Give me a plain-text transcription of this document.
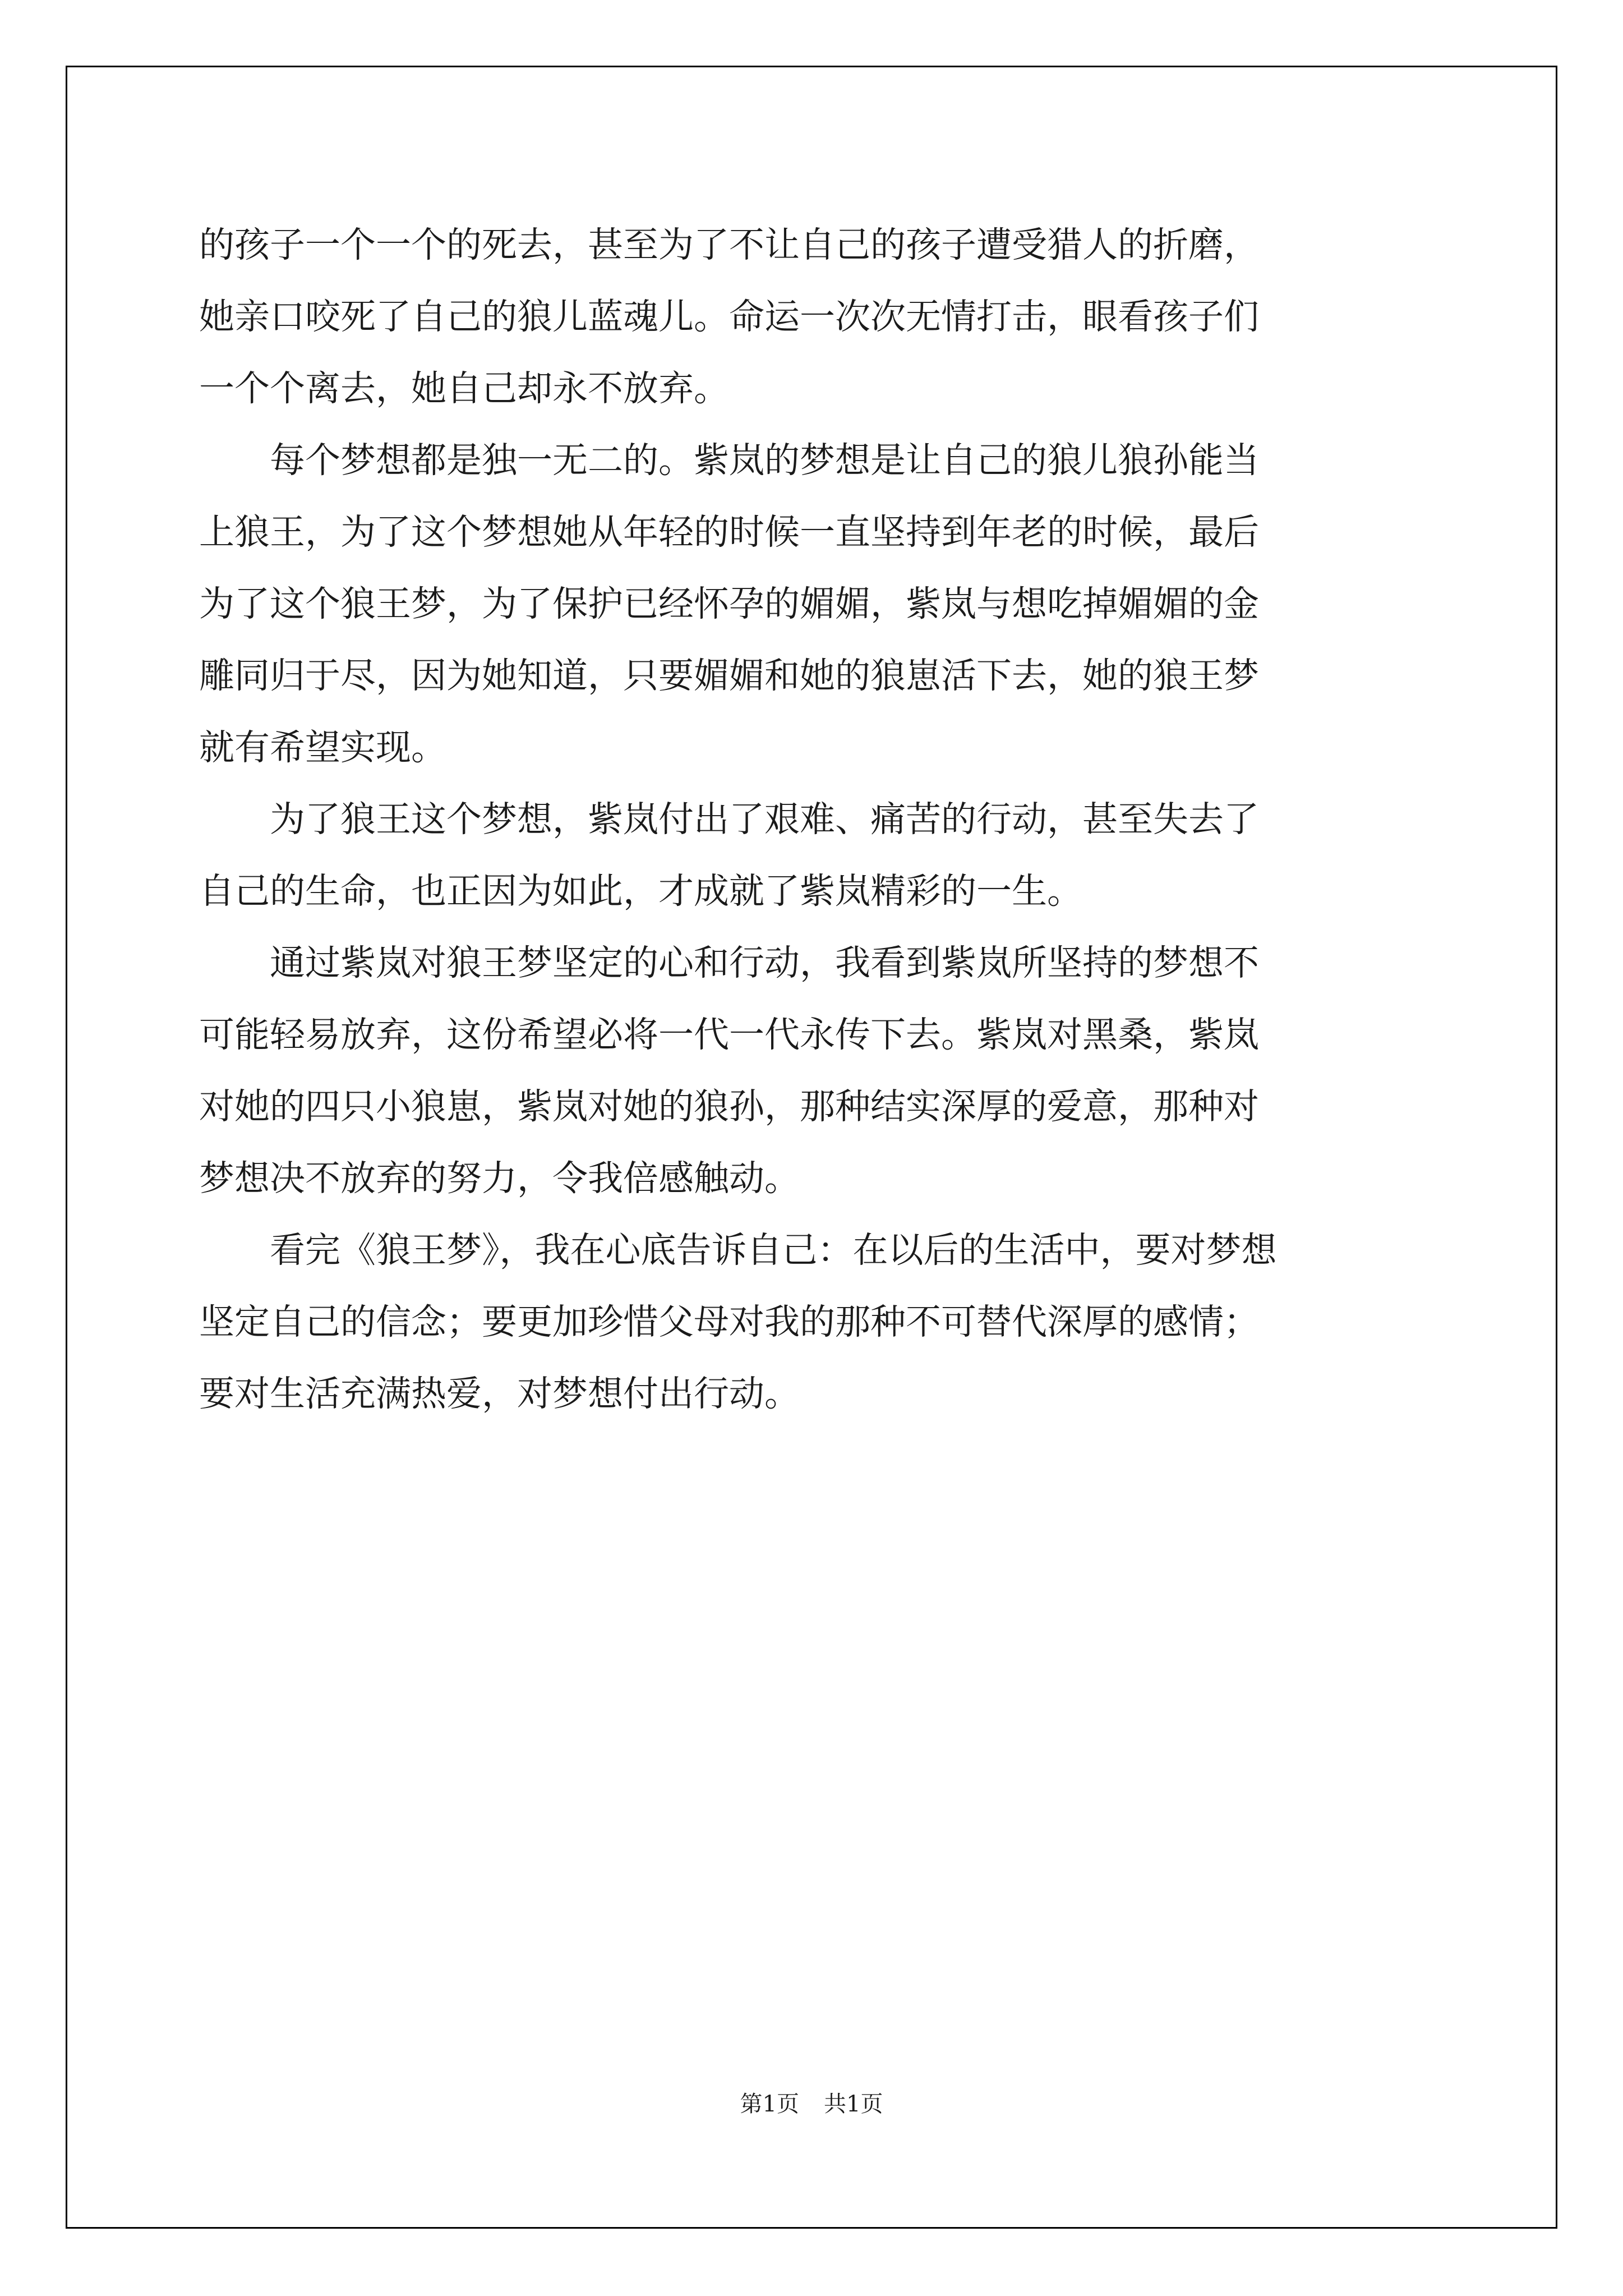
的孩子一个一个的死去，甚至为了不让自己的孩子遭受猎人的折磨，
她亲口咬死了自己的狼儿蓝魂儿。命运一次次无情打击，眼看孩子们
一个个离去，她自己却永不放弃。
每个梦想都是独一无二的。紫岚的梦想是让自己的狼儿狼孙能当
上狼王，为了这个梦想她从年轻的时候一直坚持到年老的时候，最后
为了这个狼王梦，为了保护已经怀孕的媚媚，紫岚与想吃掉媚媚的金
雕同归于尽，因为她知道，只要媚媚和她的狼崽活下去，她的狼王梦
就有希望实现。
为了狼王这个梦想，紫岚付出了艰难、痛苦的行动，甚至失去了
自己的生命，也正因为如此，才成就了紫岚精彩的一生。
通过紫岚对狼王梦坚定的心和行动，我看到紫岚所坚持的梦想不
可能轻易放弃，这份希望必将一代一代永传下去。紫岚对黑桑，紫岚
对她的四只小狼崽，紫岚对她的狼孙，那种结实深厚的爱意，那种对
梦想决不放弃的努力，令我倍感触动。
看完《狼王梦》，我在心底告诉自己：在以后的生活中，要对梦想
坚定自己的信念；要更加珍惜父母对我的那种不可替代深厚的感情；
要对生活充满热爱，对梦想付出行动。
第1页 共1页
